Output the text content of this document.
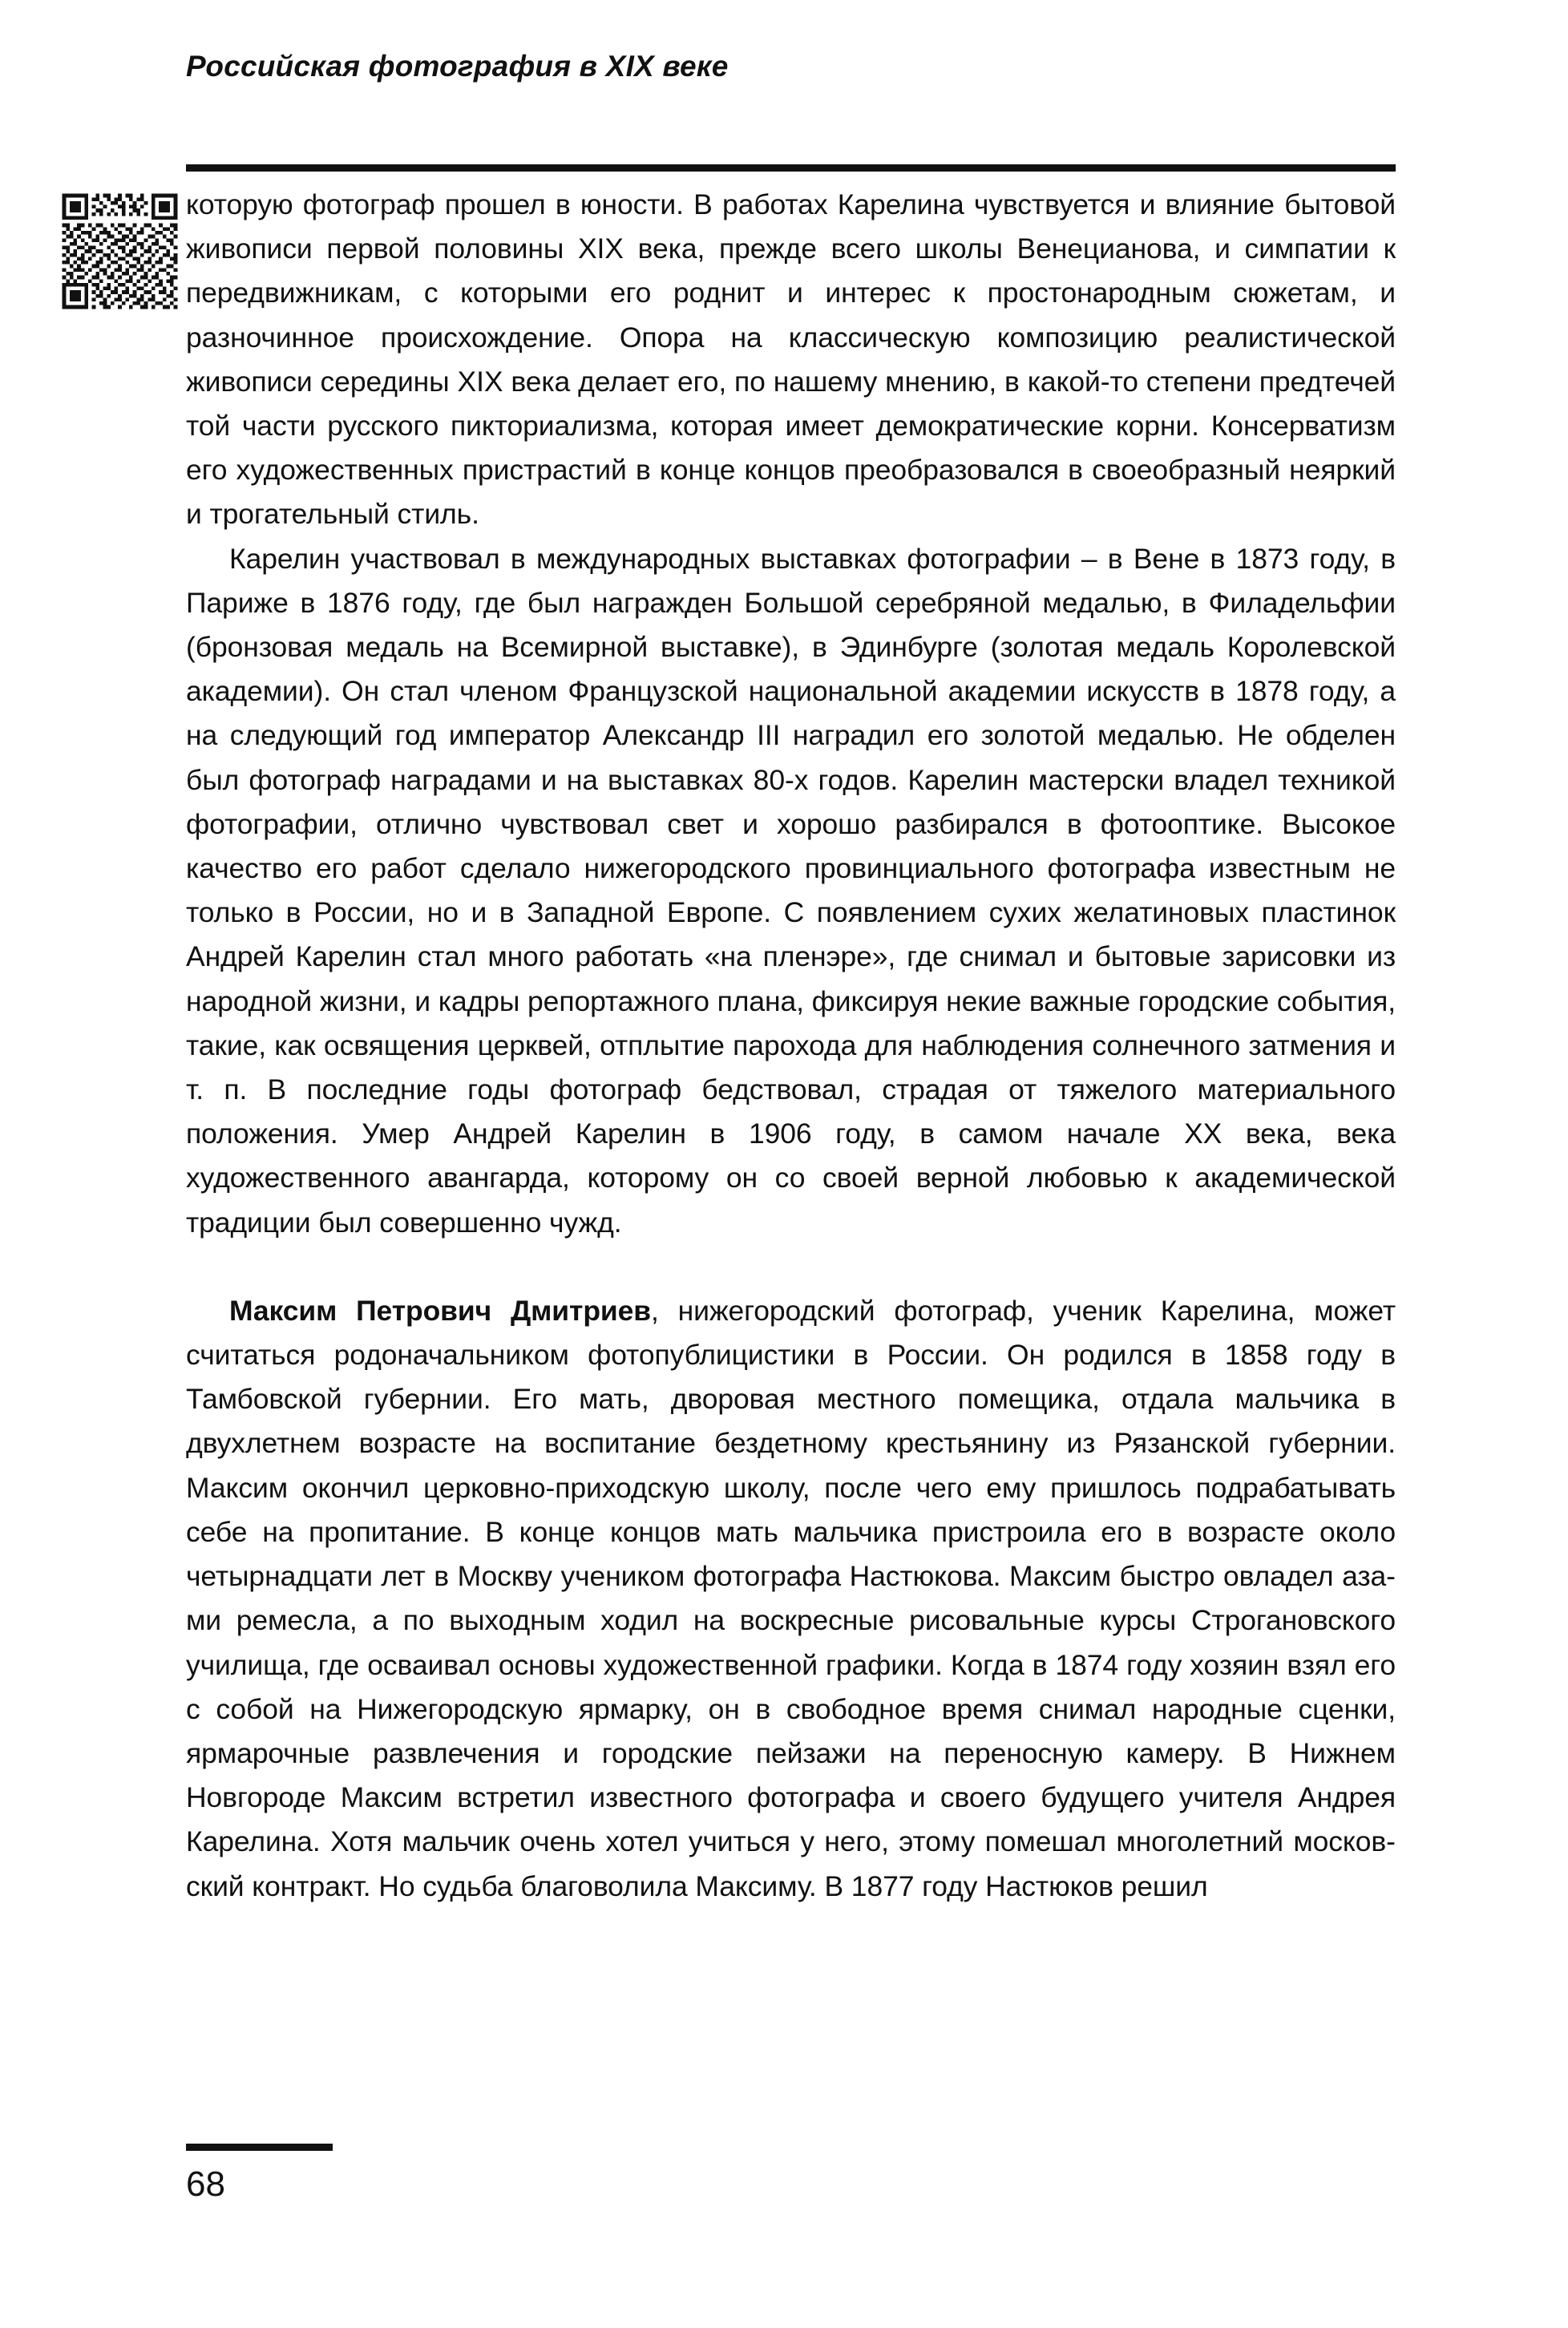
Российская фотография в XIX веке

которую фотограф прошел в юности. В работах Карелина чувствуется и влияние бытовой живописи первой половины XIX века, прежде всего школы Венецианова, и симпатии к передвижникам, с которыми его роднит и интерес к простонародным сюжетам, и разночинное происхождение. Опора на классическую композицию реалистической живописи середины XIX века делает его, по нашему мнению, в какой-то степени предтечей той части русского пикториализма, которая имеет демократические корни. Консерватизм его художественных пристрастий в конце концов преобразовался в своеобразный неяркий и трогательный стиль.

Карелин участвовал в международных выставках фотографии – в Вене в 1873 году, в Париже в 1876 году, где был награжден Большой серебряной медалью, в Филадельфии (бронзовая медаль на Всемирной выставке), в Эдинбурге (золотая медаль Королевской академии). Он стал членом Французской национальной академии искусств в 1878 году, а на следующий год император Александр III наградил его золотой медалью. Не обделен был фотограф наградами и на выставках 80-х годов. Карелин мастерски владел техникой фотографии, отлично чувствовал свет и хорошо разбирался в фотооптике. Высокое качество его работ сделало нижегородского провинциального фотографа известным не только в России, но и в Западной Европе. С появлением сухих желатиновых пластинок Андрей Карелин стал много работать «на пленэре», где снимал и бытовые зарисовки из народной жизни, и кадры репортажного плана, фиксируя некие важные городские события, такие, как освящения церквей, отплытие парохода для наблюдения солнечного затмения и т. п. В последние годы фотограф бедствовал, страдая от тяжелого материального положения. Умер Андрей Карелин в 1906 году, в самом начале XX века, века художественного авангарда, которому он со своей верной любовью к академической традиции был совершенно чужд.

Максим Петрович Дмитриев, нижегородский фотограф, ученик Карелина, может считаться родоначальником фотопублицистики в России. Он родился в 1858 году в Тамбовской губернии. Его мать, дворовая местного помещика, отдала мальчика в двухлетнем возрасте на воспитание бездетному крестьянину из Рязанской губернии. Максим окончил церковно-приходскую школу, после чего ему пришлось подрабатывать себе на пропитание. В конце концов мать мальчика пристроила его в возрасте около четырнадцати лет в Москву учеником фотографа Настюкова. Максим быстро овладел азами ремесла, а по выходным ходил на воскресные рисовальные курсы Строгановского училища, где осваивал основы художественной графики. Когда в 1874 году хозяин взял его с собой на Нижегородскую ярмарку, он в свободное время снимал народные сценки, ярмарочные развлечения и городские пейзажи на переносную камеру. В Нижнем Новгороде Максим встретил известного фотографа и своего будущего учителя Андрея Карелина. Хотя мальчик очень хотел учиться у него, этому помешал многолетний московский контракт. Но судьба благоволила Максиму. В 1877 году Настюков решил

68
